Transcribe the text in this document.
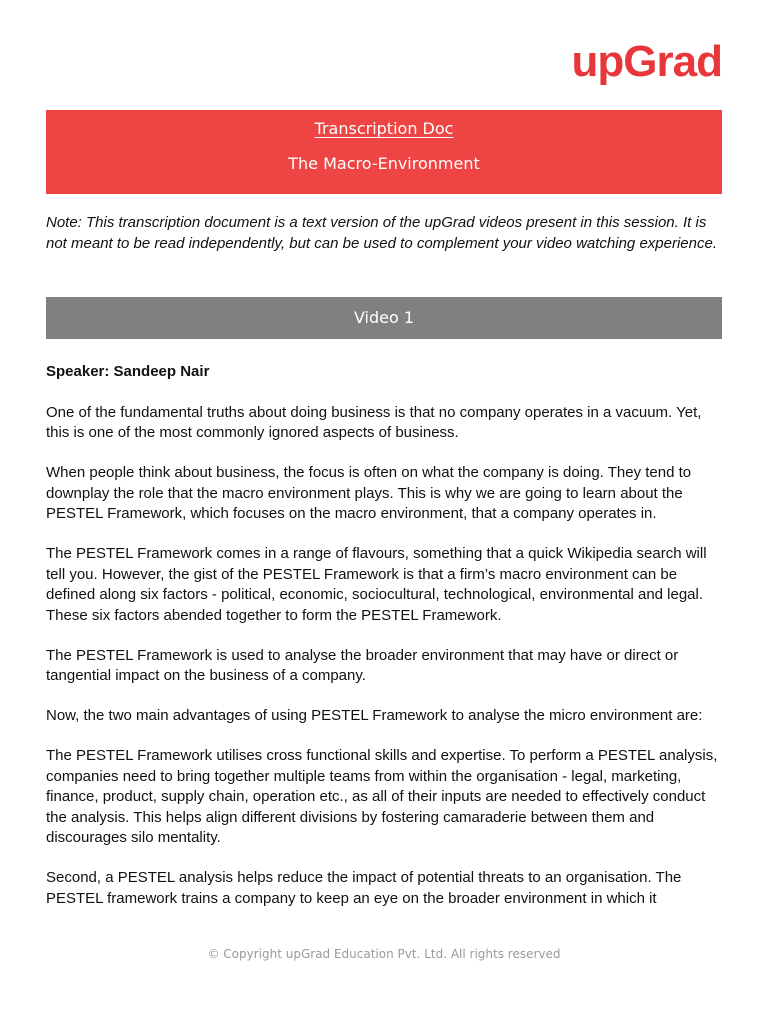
upGrad
Transcription Doc
The Macro-Environment
Note: This transcription document is a text version of the upGrad videos present in this session. It is not meant to be read independently, but can be used to complement your video watching experience.
Video 1
Speaker: Sandeep Nair

One of the fundamental truths about doing business is that no company operates in a vacuum. Yet, this is one of the most commonly ignored aspects of business.

When people think about business, the focus is often on what the company is doing. They tend to downplay the role that the macro environment plays. This is why we are going to learn about the PESTEL Framework, which focuses on the macro environment, that a company operates in.

The PESTEL Framework comes in a range of flavours, something that a quick Wikipedia search will tell you. However, the gist of the PESTEL Framework is that a firm’s macro environment can be defined along six factors - political, economic, sociocultural, technological, environmental and legal. These six factors abended together to form the PESTEL Framework.

The PESTEL Framework is used to analyse the broader environment that may have or direct or tangential impact on the business of a company.

Now, the two main advantages of using PESTEL Framework to analyse the micro environment are:

The PESTEL Framework utilises cross functional skills and expertise. To perform a PESTEL analysis, companies need to bring together multiple teams from within the organisation - legal, marketing, finance, product, supply chain, operation etc., as all of their inputs are needed to effectively conduct the analysis. This helps align different divisions by fostering camaraderie between them and discourages silo mentality.

Second, a PESTEL analysis helps reduce the impact of potential threats to an organisation. The PESTEL framework trains a company to keep an eye on the broader environment in which it

© Copyright upGrad Education Pvt. Ltd. All rights reserved
